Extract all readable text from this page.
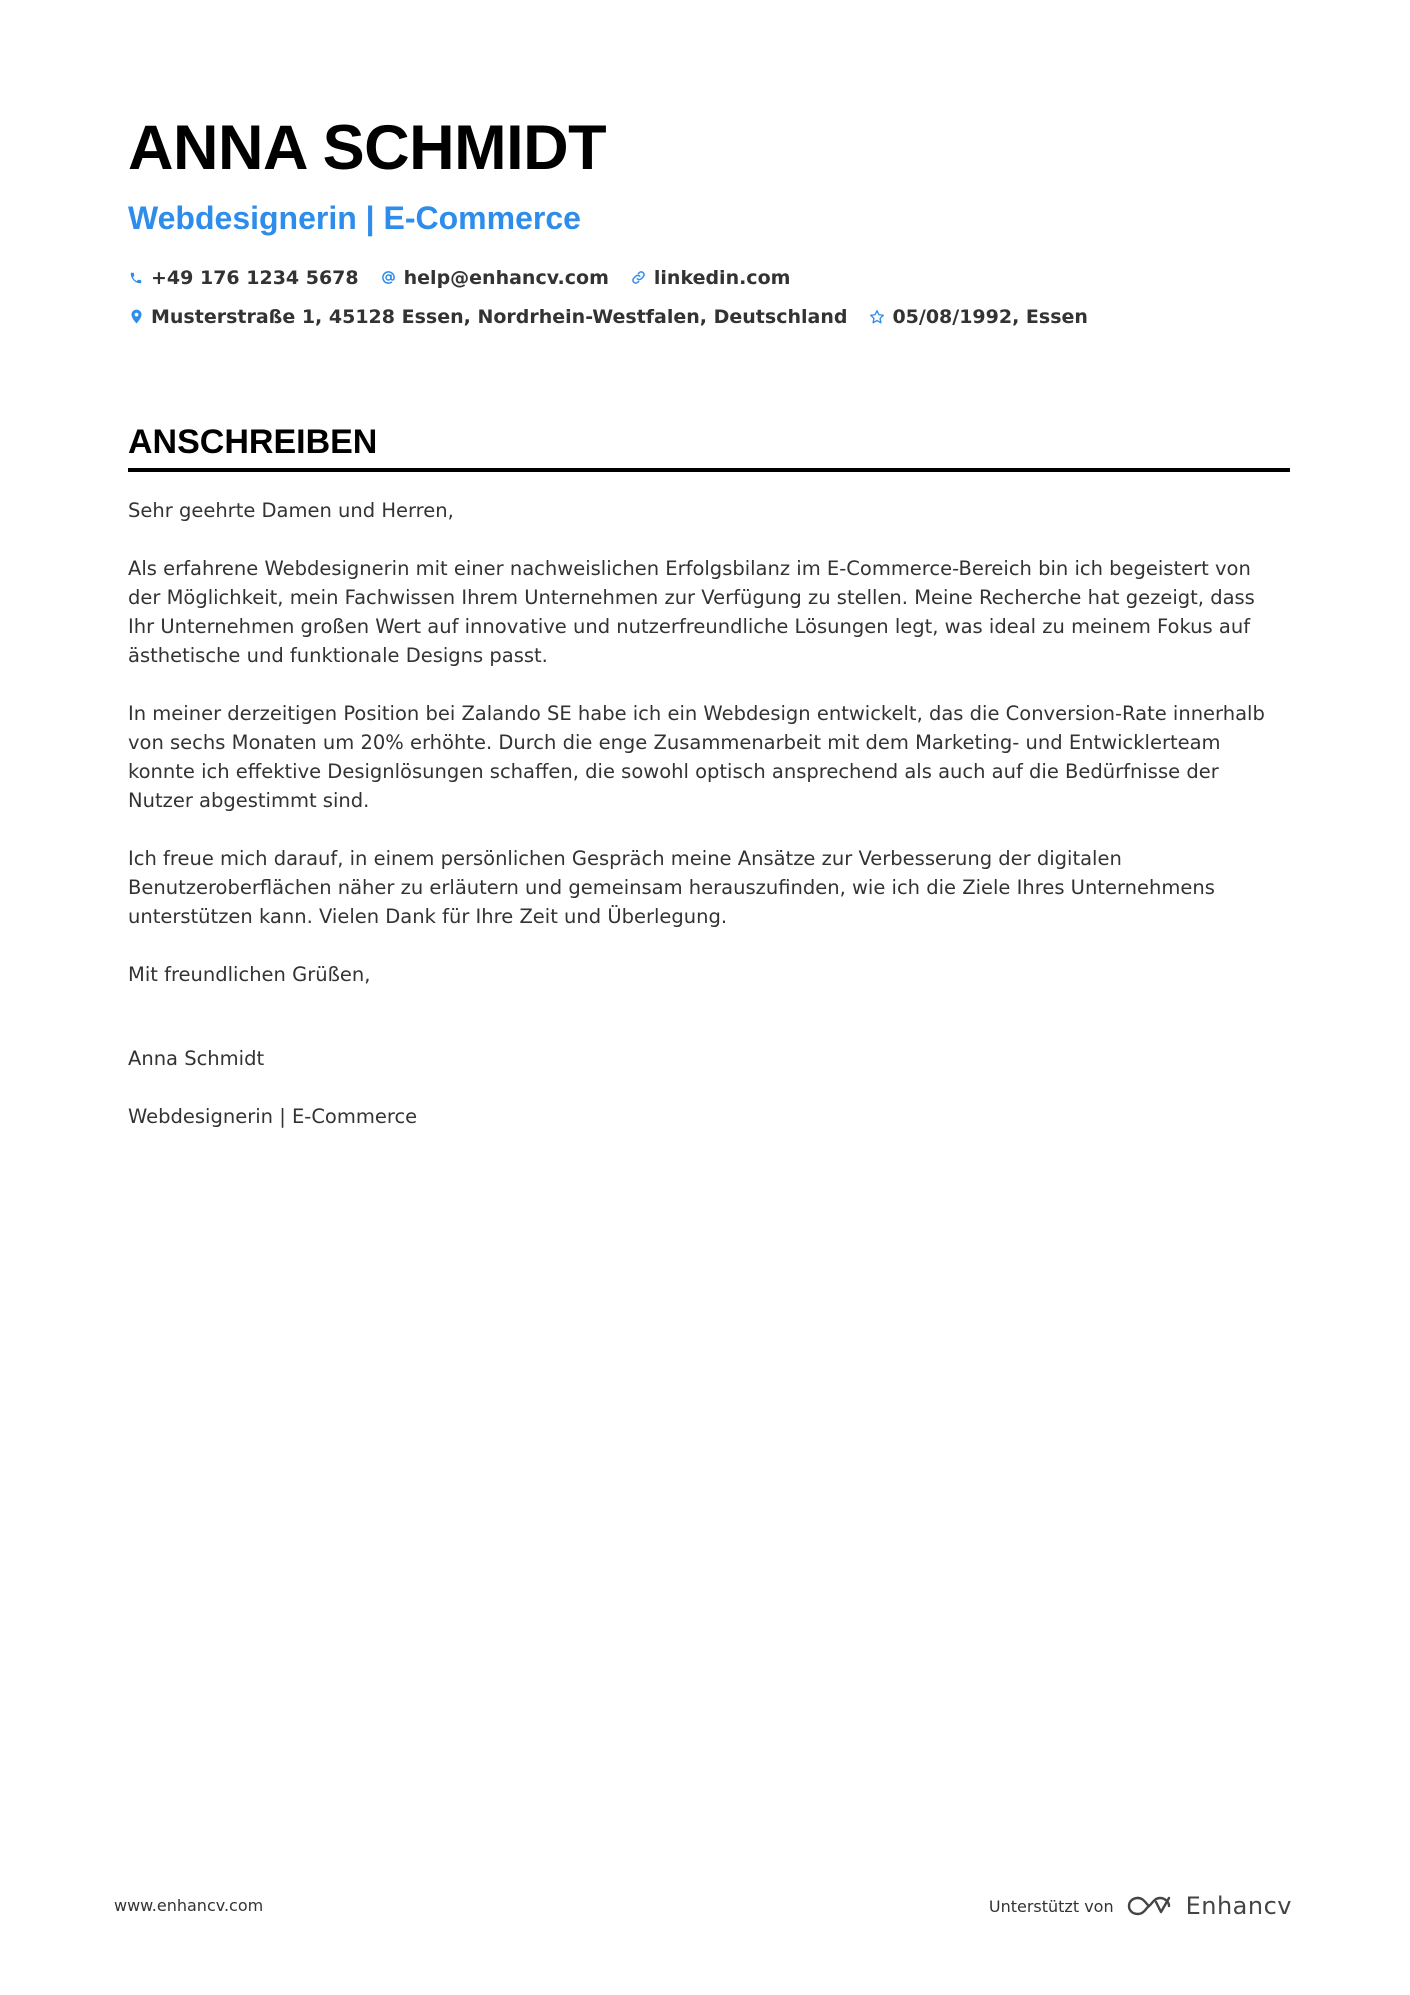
ANNA SCHMIDT
Webdesignerin | E-Commerce
+49 176 1234 5678 help@enhancv.com linkedin.com
Musterstraße 1, 45128 Essen, Nordrhein-Westfalen, Deutschland 05/08/1992, Essen
ANSCHREIBEN

Sehr geehrte Damen und Herren,

Als erfahrene Webdesignerin mit einer nachweislichen Erfolgsbilanz im E-Commerce-Bereich bin ich begeistert von der Möglichkeit, mein Fachwissen Ihrem Unternehmen zur Verfügung zu stellen. Meine Recherche hat gezeigt, dass Ihr Unternehmen großen Wert auf innovative und nutzerfreundliche Lösungen legt, was ideal zu meinem Fokus auf ästhetische und funktionale Designs passt.

In meiner derzeitigen Position bei Zalando SE habe ich ein Webdesign entwickelt, das die Conversion-Rate innerhalb von sechs Monaten um 20% erhöhte. Durch die enge Zusammenarbeit mit dem Marketing- und Entwicklerteam konnte ich effektive Designlösungen schaffen, die sowohl optisch ansprechend als auch auf die Bedürfnisse der Nutzer abgestimmt sind.

Ich freue mich darauf, in einem persönlichen Gespräch meine Ansätze zur Verbesserung der digitalen Benutzeroberflächen näher zu erläutern und gemeinsam herauszufinden, wie ich die Ziele Ihres Unternehmens unterstützen kann. Vielen Dank für Ihre Zeit und Überlegung.

Mit freundlichen Grüßen,

Anna Schmidt

Webdesignerin | E-Commerce

www.enhancv.com	Unterstützt von	Enhancv
